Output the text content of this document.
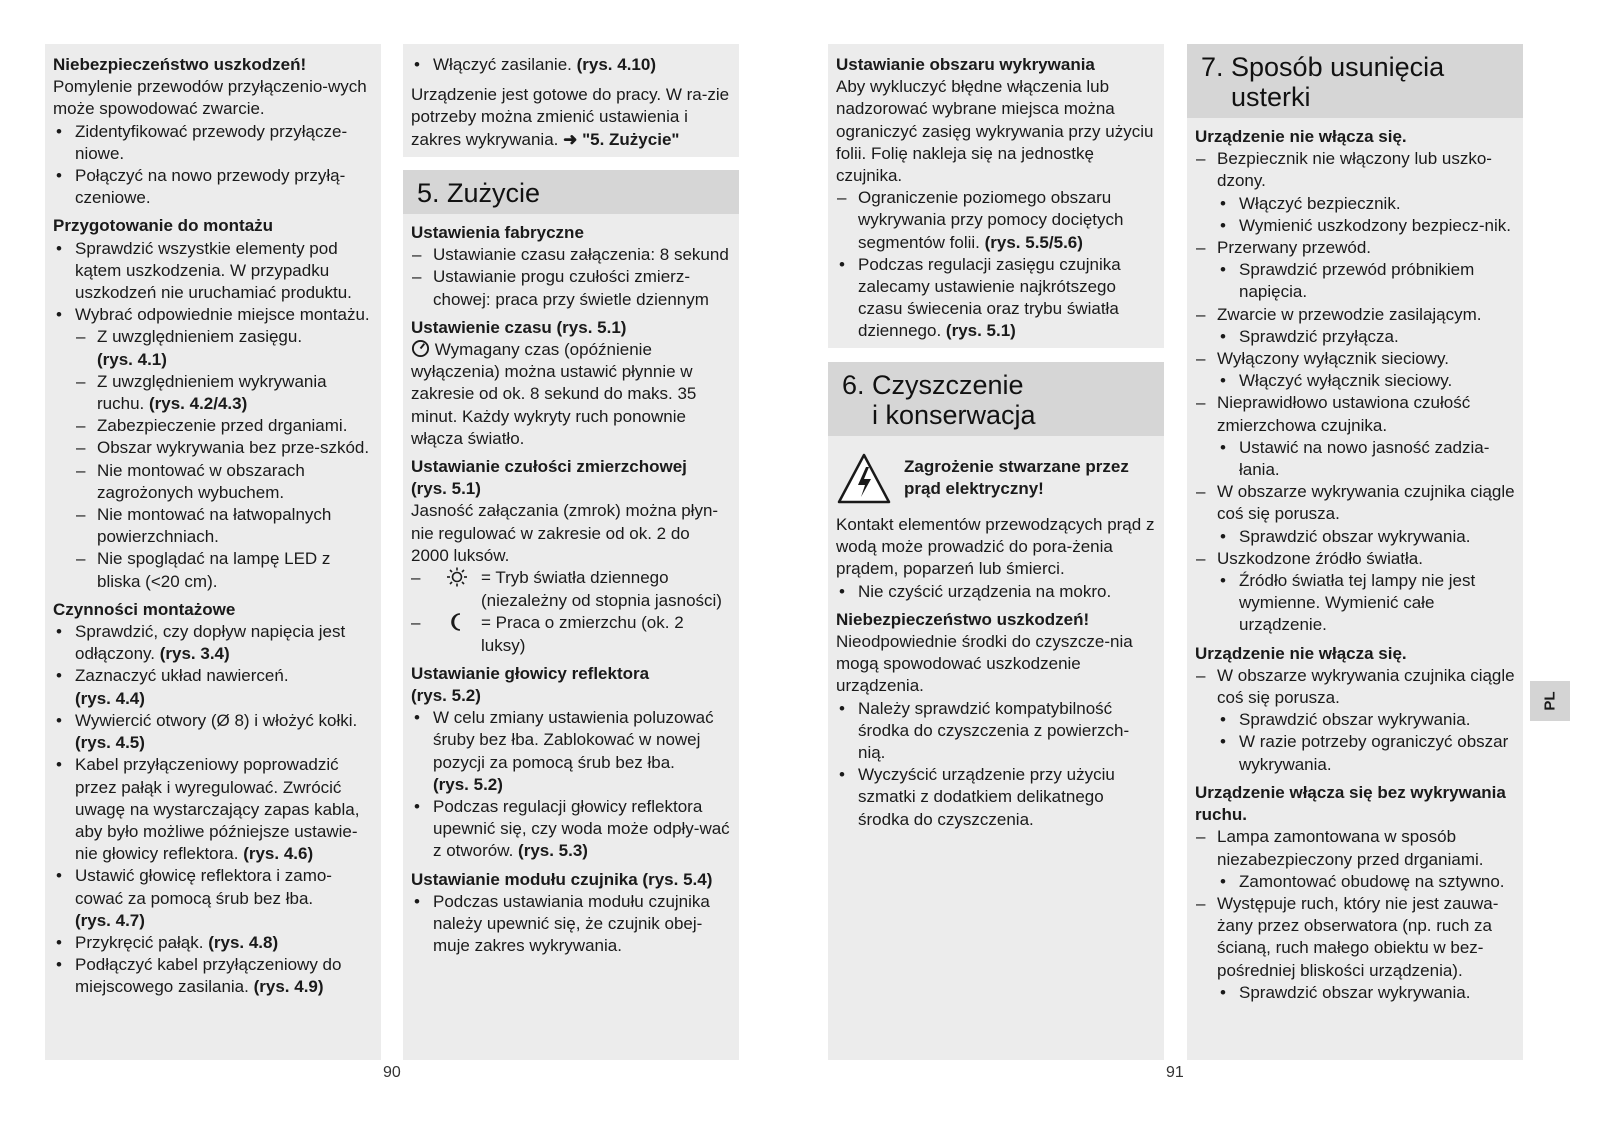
Niebezpieczeństwo uszkodzeń!
Pomylenie przewodów przyłączenio-wych może spowodować zwarcie.
• Zidentyfikować przewody przyłącze-niowe.
• Połączyć na nowo przewody przyłą-czeniowe.
Przygotowanie do montażu
• Sprawdzić wszystkie elementy pod kątem uszkodzenia. W przypadku uszkodzeń nie uruchamiać produktu.
• Wybrać odpowiednie miejsce montażu.
– Z uwzględnieniem zasięgu.
(rys. 4.1)
– Z uwzględnieniem wykrywania ruchu. (rys. 4.2/4.3)
– Zabezpieczenie przed drganiami.
– Obszar wykrywania bez prze-szkód.
– Nie montować w obszarach zagrożonych wybuchem.
– Nie montować na łatwopalnych powierzchniach.
– Nie spoglądać na lampę LED z bliska (<20 cm).
Czynności montażowe
• Sprawdzić, czy dopływ napięcia jest odłączony. (rys. 3.4)
• Zaznaczyć układ nawierceń.
(rys. 4.4)
• Wywiercić otwory (Ø 8) i włożyć kołki.
(rys. 4.5)
• Kabel przyłączeniowy poprowadzić przez pałąk i wyregulować. Zwrócić uwagę na wystarczający zapas kabla, aby było możliwe późniejsze ustawie-nie głowicy reflektora. (rys. 4.6)
• Ustawić głowicę reflektora i zamo-cować za pomocą śrub bez łba.
(rys. 4.7)
• Przykręcić pałąk. (rys. 4.8)
• Podłączyć kabel przyłączeniowy do miejscowego zasilania. (rys. 4.9)
• Włączyć zasilanie. (rys. 4.10)
Urządzenie jest gotowe do pracy. W ra-zie potrzeby można zmienić ustawienia i zakres wykrywania. ➜ "5. Zużycie"
5. Zużycie
Ustawienia fabryczne
– Ustawianie czasu załączenia: 8 sekund
– Ustawianie progu czułości zmierz-chowej: praca przy świetle dziennym
Ustawienie czasu (rys. 5.1)
Wymagany czas (opóźnienie wyłączenia) można ustawić płynnie w zakresie od ok. 8 sekund do maks. 35 minut. Każdy wykryty ruch ponownie włącza światło.
Ustawianie czułości zmierzchowej
(rys. 5.1)
Jasność załączania (zmrok) można płyn-nie regulować w zakresie od ok. 2 do 2000 luksów.
–	= Tryb światła dziennego
(niezależny od stopnia jasności)
–	= Praca o zmierzchu (ok. 2 luksy)
Ustawianie głowicy reflektora
(rys. 5.2)
• W celu zmiany ustawienia poluzować śruby bez łba. Zablokować w nowej pozycji za pomocą śrub bez łba.
(rys. 5.2)
• Podczas regulacji głowicy reflektora upewnić się, czy woda może odpły-wać z otworów. (rys. 5.3)
Ustawianie modułu czujnika (rys. 5.4)
• Podczas ustawiania modułu czujnika należy upewnić się, że czujnik obej-muje zakres wykrywania.
Ustawianie obszaru wykrywania
Aby wykluczyć błędne włączenia lub nadzorować wybrane miejsca można ograniczyć zasięg wykrywania przy użyciu folii. Folię nakleja się na jednostkę czujnika.
– Ograniczenie poziomego obszaru wykrywania przy pomocy dociętych segmentów folii. (rys. 5.5/5.6)
• Podczas regulacji zasięgu czujnika zalecamy ustawienie najkrótszego czasu świecenia oraz trybu światła dziennego. (rys. 5.1)
6. Czyszczenie
i konserwacja
Zagrożenie stwarzane przez prąd elektryczny!
Kontakt elementów przewodzących prąd z wodą może prowadzić do pora-żenia prądem, poparzeń lub śmierci.
• Nie czyścić urządzenia na mokro.
Niebezpieczeństwo uszkodzeń!
Nieodpowiednie środki do czyszcze-nia mogą spowodować uszkodzenie urządzenia.
• Należy sprawdzić kompatybilność środka do czyszczenia z powierzch-nią.
• Wyczyścić urządzenie przy użyciu szmatki z dodatkiem delikatnego środka do czyszczenia.
7. Sposób usunięcia
usterki
Urządzenie nie włącza się.
– Bezpiecznik nie włączony lub uszko-dzony.
• Włączyć bezpiecznik.
• Wymienić uszkodzony bezpiecz-nik.
– Przerwany przewód.
• Sprawdzić przewód próbnikiem napięcia.
– Zwarcie w przewodzie zasilającym.
• Sprawdzić przyłącza.
– Wyłączony wyłącznik sieciowy.
• Włączyć wyłącznik sieciowy.
– Nieprawidłowo ustawiona czułość zmierzchowa czujnika.
• Ustawić na nowo jasność zadzia-łania.
– W obszarze wykrywania czujnika ciągle coś się porusza.
• Sprawdzić obszar wykrywania.
– Uszkodzone źródło światła.
• Źródło światła tej lampy nie jest wymienne. Wymienić całe urządzenie.
Urządzenie nie włącza się.
– W obszarze wykrywania czujnika ciągle coś się porusza.
• Sprawdzić obszar wykrywania.
• W razie potrzeby ograniczyć obszar wykrywania.
Urządzenie włącza się bez wykrywania ruchu.
– Lampa zamontowana w sposób niezabezpieczony przed drganiami.
• Zamontować obudowę na sztywno.
– Występuje ruch, który nie jest zauwa-żany przez obserwatora (np. ruch za ścianą, ruch małego obiektu w bez-pośredniej bliskości urządzenia).
• Sprawdzić obszar wykrywania.
PL
90	91
